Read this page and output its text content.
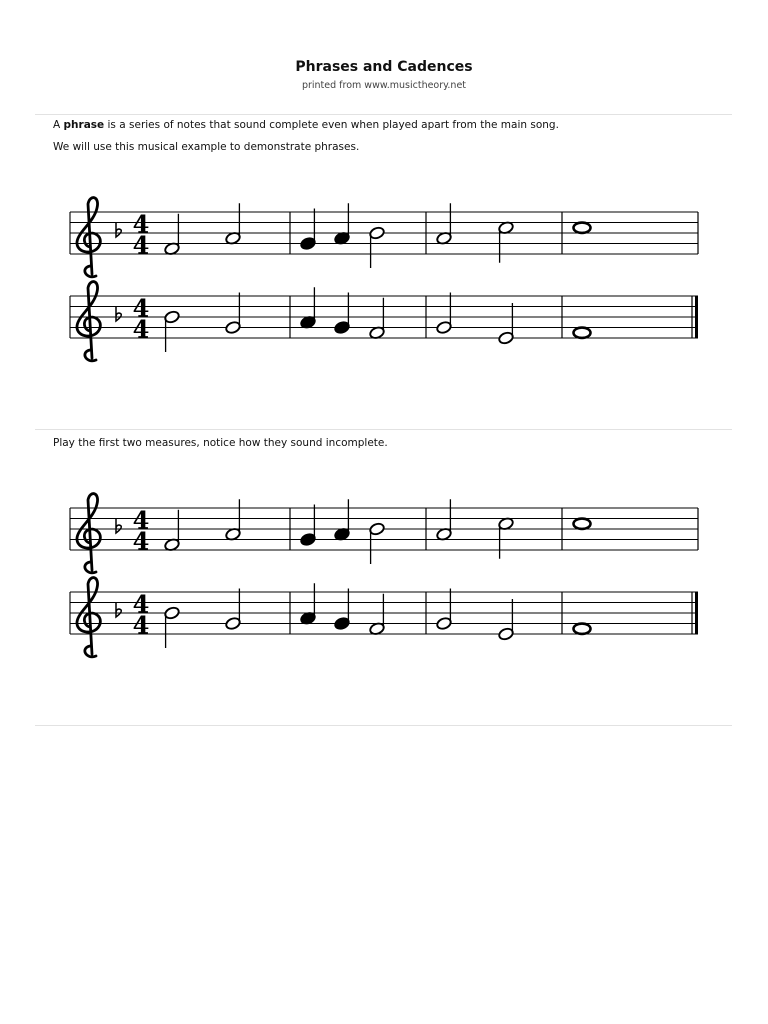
Phrases and Cadences
printed from www.musictheory.net

A phrase is a series of notes that sound complete even when played apart from the main song.

We will use this musical example to demonstrate phrases.

4
4
4
4

Play the first two measures, notice how they sound incomplete.

4
4
4
4
